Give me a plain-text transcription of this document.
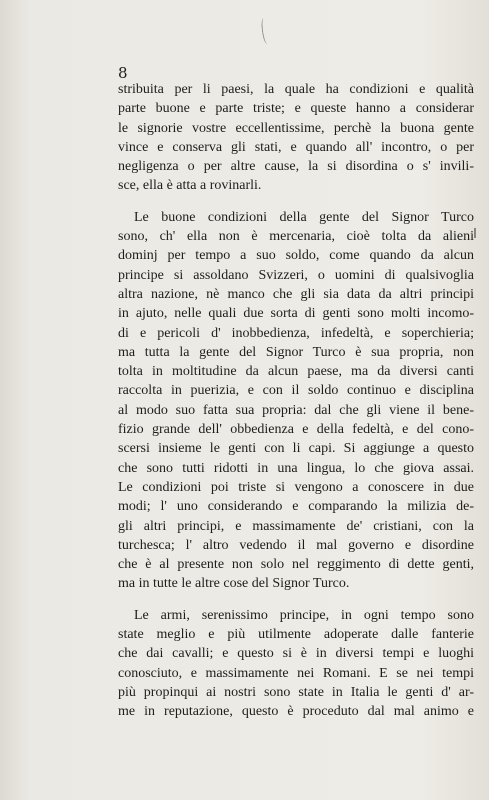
8
stribuita per li paesi, la quale ha condizioni e qualità
parte buone e parte triste; e queste hanno a considerar
le signorie vostre eccellentissime, perchè la buona gente
vince e conserva gli stati, e quando all' incontro, o per
negligenza o per altre cause, la si disordina o s' invili-
sce, ella è atta a rovinarli.
Le buone condizioni della gente del Signor Turco
sono, ch' ella non è mercenaria, cioè tolta da alieni
dominj per tempo a suo soldo, come quando da alcun
principe si assoldano Svizzeri, o uomini di qualsivoglia
altra nazione, nè manco che gli sia data da altri principi
in ajuto, nelle quali due sorta di genti sono molti incomo-
di e pericoli d' inobbedienza, infedeltà, e soperchieria;
ma tutta la gente del Signor Turco è sua propria, non
tolta in moltitudine da alcun paese, ma da diversi canti
raccolta in puerizia, e con il soldo continuo e disciplina
al modo suo fatta sua propria: dal che gli viene il bene-
fizio grande dell' obbedienza e della fedeltà, e del cono-
scersi insieme le genti con li capi. Si aggiunge a questo
che sono tutti ridotti in una lingua, lo che giova assai.
Le condizioni poi triste si vengono a conoscere in due
modi; l' uno considerando e comparando la milizia de-
gli altri principi, e massimamente de' cristiani, con la
turchesca; l' altro vedendo il mal governo e disordine
che è al presente non solo nel reggimento di dette genti,
ma in tutte le altre cose del Signor Turco.
Le armi, serenissimo principe, in ogni tempo sono
state meglio e più utilmente adoperate dalle fanterie
che dai cavalli; e questo si è in diversi tempi e luoghi
conosciuto, e massimamente nei Romani. E se nei tempi
più propinqui ai nostri sono state in Italia le genti d' ar-
me in reputazione, questo è proceduto dal mal animo e
